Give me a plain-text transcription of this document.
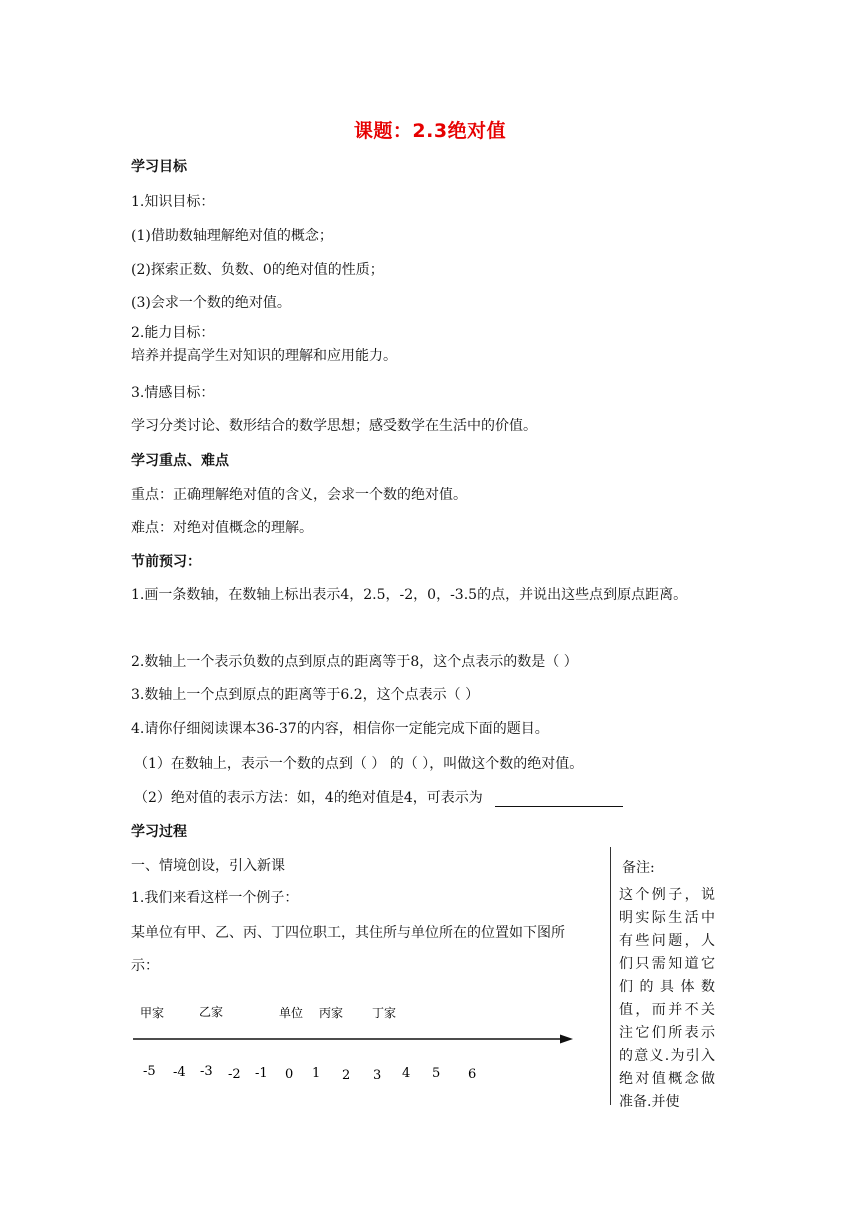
课题：2.3绝对值
学习目标
1.知识目标：
(1)借助数轴理解绝对值的概念；
(2)探索正数、负数、0的绝对值的性质；
(3)会求一个数的绝对值。
2.能力目标：
培养并提高学生对知识的理解和应用能力。
3.情感目标：
学习分类讨论、数形结合的数学思想；感受数学在生活中的价值。
学习重点、难点
重点：正确理解绝对值的含义，会求一个数的绝对值。
难点：对绝对值概念的理解。
节前预习：
1.画一条数轴，在数轴上标出表示4，2.5，-2，0，-3.5的点，并说出这些点到原点距离。
2.数轴上一个表示负数的点到原点的距离等于8，这个点表示的数是（ ）
3.数轴上一个点到原点的距离等于6.2，这个点表示（ ）
4.请你仔细阅读课本36-37的内容，相信你一定能完成下面的题目。
（1）在数轴上，表示一个数的点到（ ） 的（ ），叫做这个数的绝对值。
（2）绝对值的表示方法：如，4的绝对值是4，可表示为
学习过程
一、情境创设，引入新课
1.我们来看这样一个例子：
某单位有甲、乙、丙、丁四位职工，其住所与单位所在的位置如下图所
示：
备注:
这个例子，说明实际生活中有些问题，人们只需知道它们的具体数值，而并不关注它们所表示的意义.为引入绝对值概念做准备.并使
甲家	乙家	单位 丙家 丁家
-5 -4 -3 -2 -1 0 1 2 3 4 5 6
